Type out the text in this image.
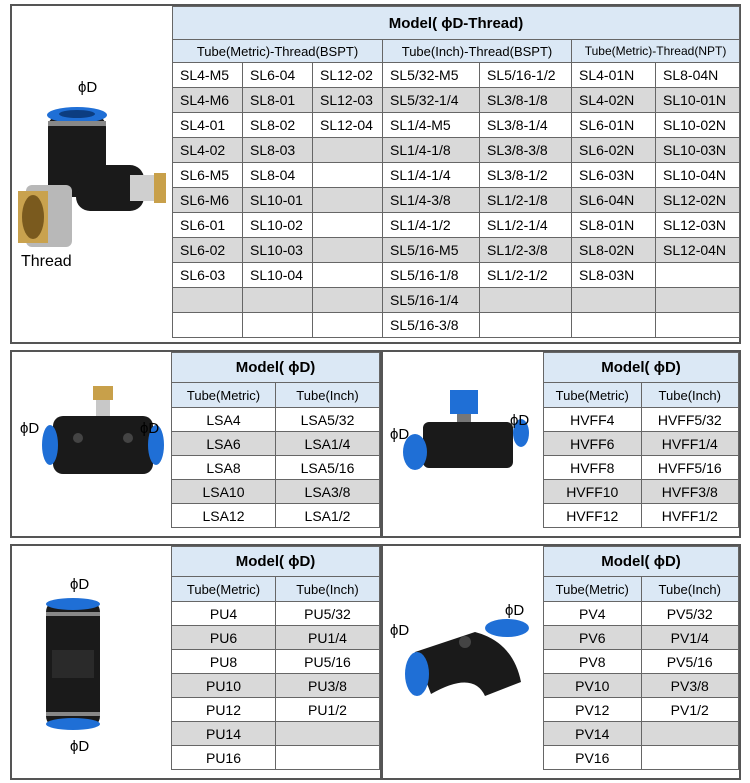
ϕD
Thread
Model( ϕD-Thread)						
Tube(Metric)-Thread(BSPT)			Tube(Inch)-Thread(BSPT)		Tube(Metric)-Thread(NPT)	
SL4-M5	SL6-04	SL12-02	SL5/32-M5	SL5/16-1/2	SL4-01N	SL8-04N
SL4-M6	SL8-01	SL12-03	SL5/32-1/4	SL3/8-1/8	SL4-02N	SL10-01N
SL4-01	SL8-02	SL12-04	SL1/4-M5	SL3/8-1/4	SL6-01N	SL10-02N
SL4-02	SL8-03		SL1/4-1/8	SL3/8-3/8	SL6-02N	SL10-03N
SL6-M5	SL8-04		SL1/4-1/4	SL3/8-1/2	SL6-03N	SL10-04N
SL6-M6	SL10-01		SL1/4-3/8	SL1/2-1/8	SL6-04N	SL12-02N
SL6-01	SL10-02		SL1/4-1/2	SL1/2-1/4	SL8-01N	SL12-03N
SL6-02	SL10-03		SL5/16-M5	SL1/2-3/8	SL8-02N	SL12-04N
SL6-03	SL10-04		SL5/16-1/8	SL1/2-1/2	SL8-03N	
			SL5/16-1/4			
			SL5/16-3/8			
ϕD	ϕD
Model( ϕD)	
Tube(Metric)	Tube(Inch)
LSA4	LSA5/32
LSA6	LSA1/4
LSA8	LSA5/16
LSA10	LSA3/8
LSA12	LSA1/2
ϕD
ϕD
Model( ϕD)	
Tube(Metric)	Tube(Inch)
HVFF4	HVFF5/32
HVFF6	HVFF1/4
HVFF8	HVFF5/16
HVFF10	HVFF3/8
HVFF12	HVFF1/2
ϕD
ϕD
Model( ϕD)	
Tube(Metric)	Tube(Inch)
PU4	PU5/32
PU6	PU1/4
PU8	PU5/16
PU10	PU3/8
PU12	PU1/2
PU14	
PU16	
ϕD
ϕD
Model( ϕD)	
Tube(Metric)	Tube(Inch)
PV4	PV5/32
PV6	PV1/4
PV8	PV5/16
PV10	PV3/8
PV12	PV1/2
PV14	
PV16	
